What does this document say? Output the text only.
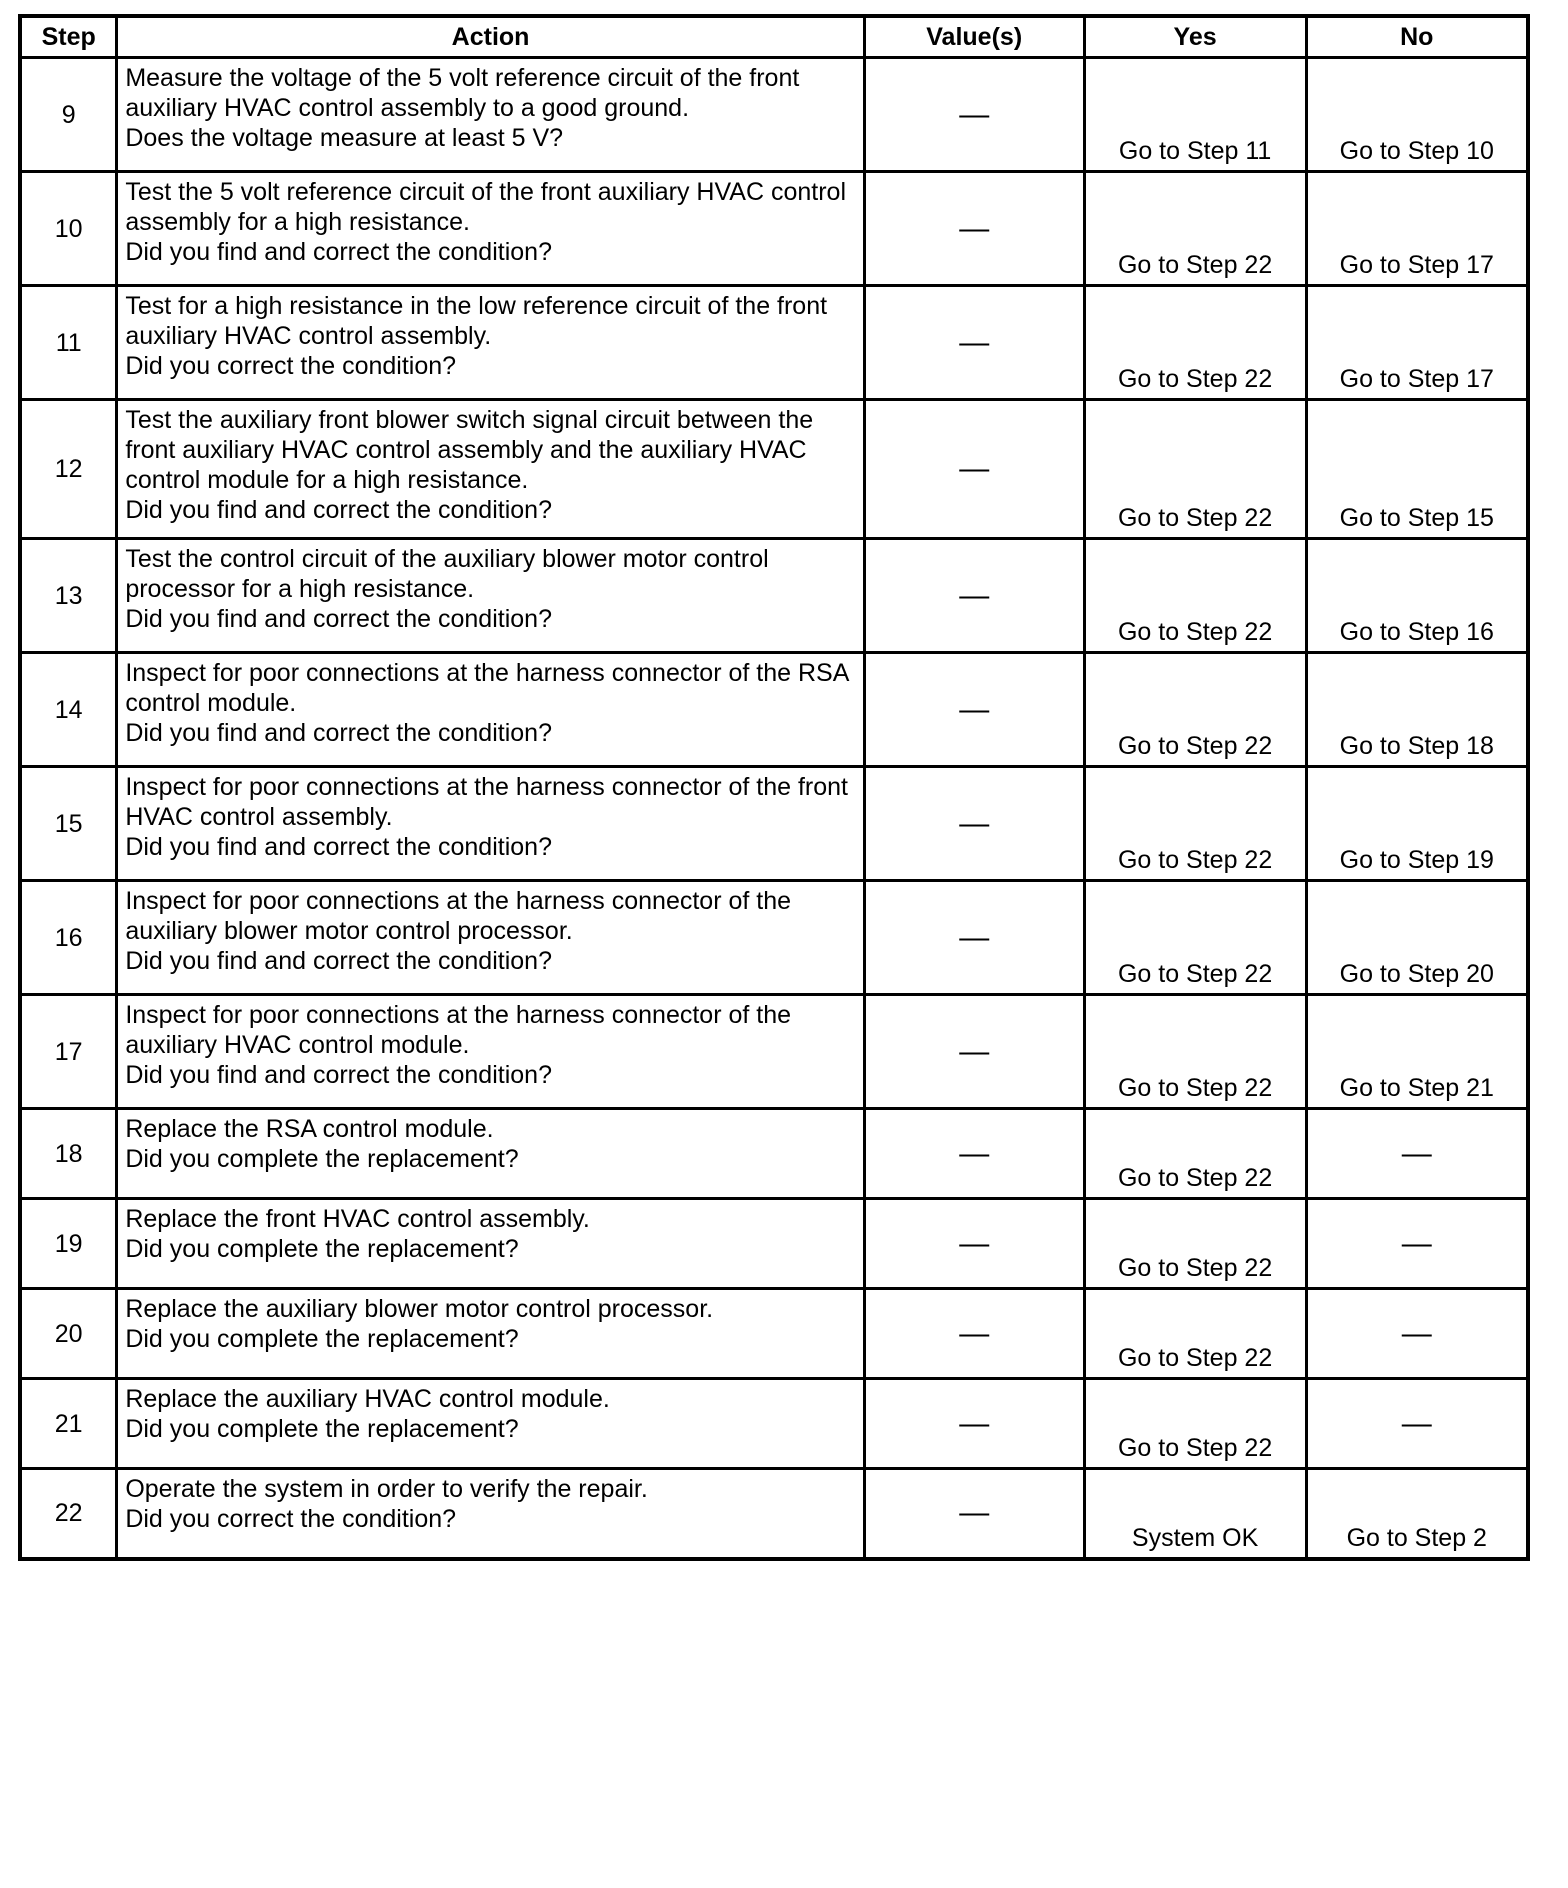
Step	Action	Value(s)	Yes	No
9	Measure the voltage of the 5 volt reference circuit of the front auxiliary HVAC control assembly to a good ground.
Does the voltage measure at least 5 V?	—	Go to Step 11	Go to Step 10
10	Test the 5 volt reference circuit of the front auxiliary HVAC control assembly for a high resistance.
Did you find and correct the condition?	—	Go to Step 22	Go to Step 17
11	Test for a high resistance in the low reference circuit of the front auxiliary HVAC control assembly.
Did you correct the condition?	—	Go to Step 22	Go to Step 17
12	Test the auxiliary front blower switch signal circuit between the front auxiliary HVAC control assembly and the auxiliary HVAC control module for a high resistance.
Did you find and correct the condition?	—	Go to Step 22	Go to Step 15
13	Test the control circuit of the auxiliary blower motor control processor for a high resistance.
Did you find and correct the condition?	—	Go to Step 22	Go to Step 16
14	Inspect for poor connections at the harness connector of the RSA control module.
Did you find and correct the condition?	—	Go to Step 22	Go to Step 18
15	Inspect for poor connections at the harness connector of the front HVAC control assembly.
Did you find and correct the condition?	—	Go to Step 22	Go to Step 19
16	Inspect for poor connections at the harness connector of the auxiliary blower motor control processor.
Did you find and correct the condition?	—	Go to Step 22	Go to Step 20
17	Inspect for poor connections at the harness connector of the auxiliary HVAC control module.
Did you find and correct the condition?	—	Go to Step 22	Go to Step 21
18	Replace the RSA control module.
Did you complete the replacement?	—	Go to Step 22	—
19	Replace the front HVAC control assembly.
Did you complete the replacement?	—	Go to Step 22	—
20	Replace the auxiliary blower motor control processor.
Did you complete the replacement?	—	Go to Step 22	—
21	Replace the auxiliary HVAC control module.
Did you complete the replacement?	—	Go to Step 22	—
22	Operate the system in order to verify the repair.
Did you correct the condition?	—	System OK	Go to Step 2
